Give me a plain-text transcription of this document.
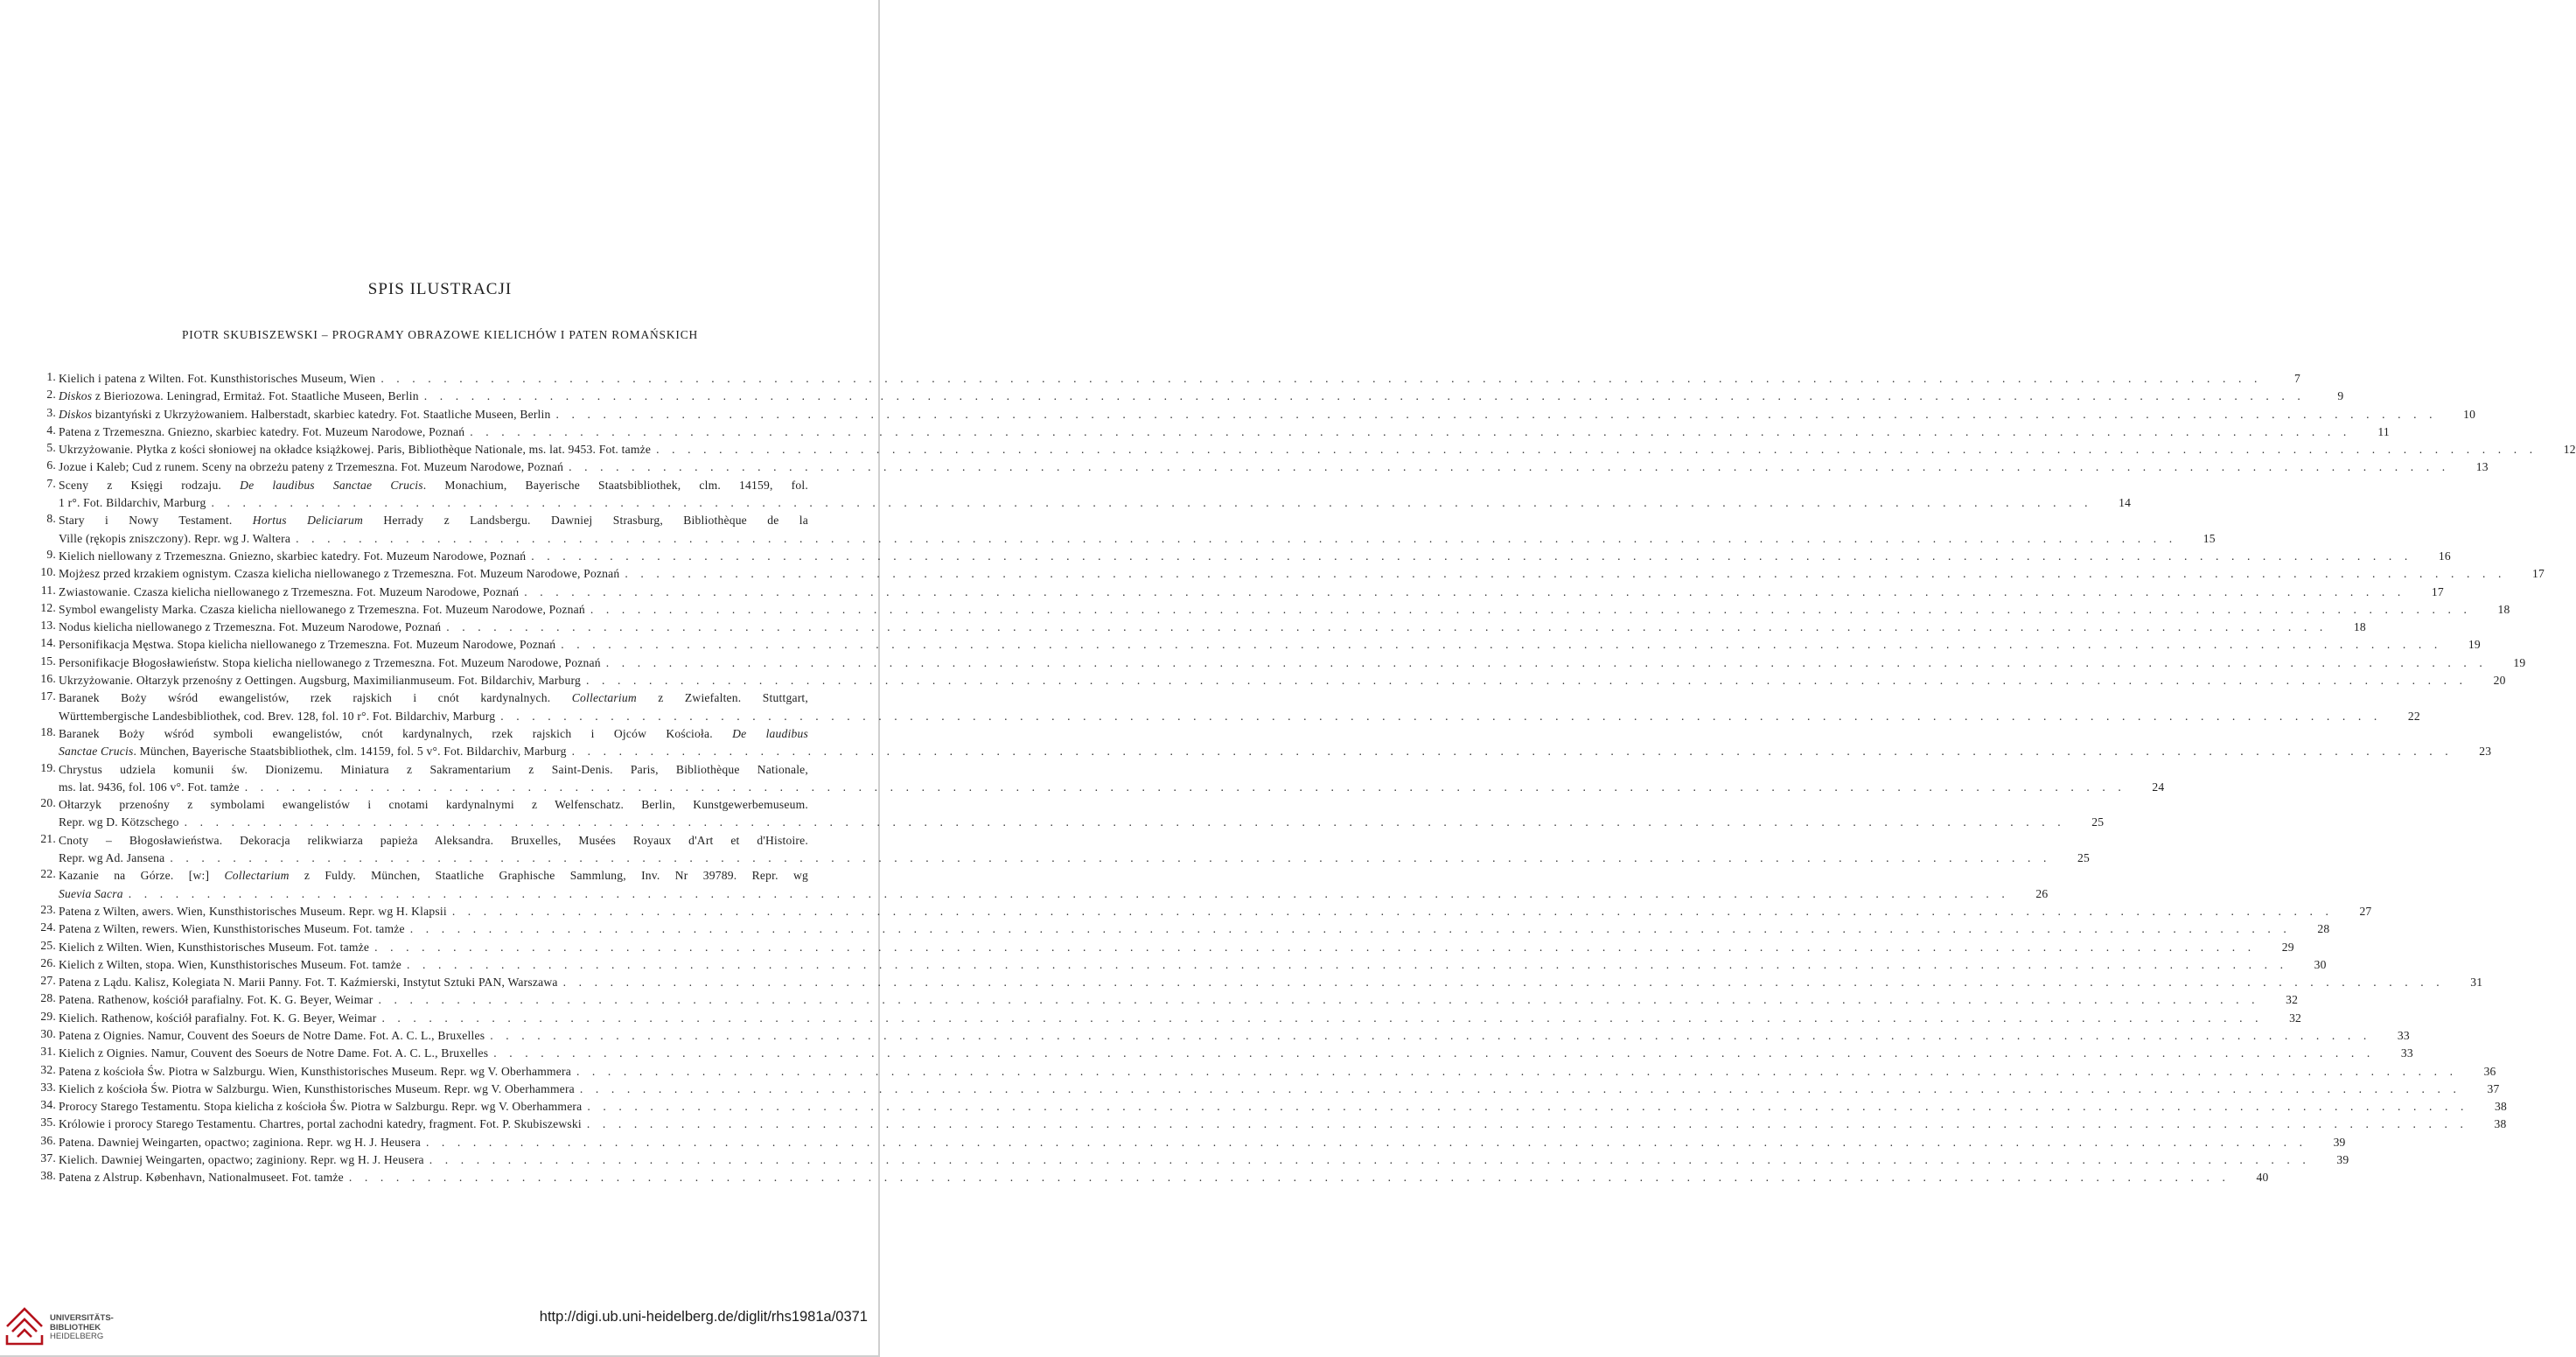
SPIS ILUSTRACJI
PIOTR SKUBISZEWSKI – PROGRAMY OBRAZOWE KIELICHÓW I PATEN ROMAŃSKICH
1. Kielich i patena z Wilten. Fot. Kunsthistorisches Museum, Wien . . . . . . . . . . . . . . . . . . . . . . . . . . . . . . . . . . . . . . . . . . . . . . . . . . . . . . . . . . . . . . . . . . . . . . . . . . . . . . . . . . . . . . . . . . . . . . . . . . . . . . . . . . . . . . . . . . . . . . . .	7
2. Diskos z Bieriozowa. Leningrad, Ermitaż. Fot. Staatliche Museen, Berlin . . . . . . . . . . . . . . . . . . . . . . . . . . . . . . . . . . . . . . . . . . . . . . . . . . . . . . . . . . . . . . . . . . . . . . . . . . . . . . . . . . . . . . . . . . . . . . . . . . . . . . . . . . . . . . . . . . . . . . . .	9
3. Diskos bizantyński z Ukrzyżowaniem. Halberstadt, skarbiec katedry. Fot. Staatliche Museen, Berlin . . . . . . . . . . . . . . . . . . . . . . . . . . . . . . . . . . . . . . . . . . . . . . . . . . . . . . . . . . . . . . . . . . . . . . . . . . . . . . . . . . . . . . . . . . . . . . . . . . . . . . . . . . . . . . . . . . . . . . . .	10
4. Patena z Trzemeszna. Gniezno, skarbiec katedry. Fot. Muzeum Narodowe, Poznań . . . . . . . . . . . . . . . . . . . . . . . . . . . . . . . . . . . . . . . . . . . . . . . . . . . . . . . . . . . . . . . . . . . . . . . . . . . . . . . . . . . . . . . . . . . . . . . . . . . . . . . . . . . . . . . . . . . . . . . .	11
5. Ukrzyżowanie. Płytka z kości słoniowej na okładce książkowej. Paris, Bibliothèque Nationale, ms. lat. 9453. Fot. tamże . . . . . . . . . . . . . . . . . . . . . . . . . . . . . . . . . . . . . . . . . . . . . . . . . . . . . . . . . . . . . . . . . . . . . . . . . . . . . . . . . . . . . . . . . . . . . . . . . . . . . . . . . . . . . . . . . . . . . . . .	12
6. Jozue i Kaleb; Cud z runem. Sceny na obrzeżu pateny z Trzemeszna. Fot. Muzeum Narodowe, Poznań . . . . . . . . . . . . . . . . . . . . . . . . . . . . . . . . . . . . . . . . . . . . . . . . . . . . . . . . . . . . . . . . . . . . . . . . . . . . . . . . . . . . . . . . . . . . . . . . . . . . . . . . . . . . . . . . . . . . . . . .	13
7. Sceny z Księgi rodzaju. De laudibus Sanctae Crucis. Monachium, Bayerische Staatsbibliothek, clm. 14159, fol.
1 r°. Fot. Bildarchiv, Marburg . . . . . . . . . . . . . . . . . . . . . . . . . . . . . . . . . . . . . . . . . . . . . . . . . . . . . . . . . . . . . . . . . . . . . . . . . . . . . . . . . . . . . . . . . . . . . . . . . . . . . . . . . . . . . . . . . . . . . . . .	14
8. Stary i Nowy Testament. Hortus Deliciarum Herrady z Landsbergu. Dawniej Strasburg, Bibliothèque de la
Ville (rękopis zniszczony). Repr. wg J. Waltera . . . . . . . . . . . . . . . . . . . . . . . . . . . . . . . . . . . . . . . . . . . . . . . . . . . . . . . . . . . . . . . . . . . . . . . . . . . . . . . . . . . . . . . . . . . . . . . . . . . . . . . . . . . . . . . . . . . . . . . .	15
9. Kielich niellowany z Trzemeszna. Gniezno, skarbiec katedry. Fot. Muzeum Narodowe, Poznań . . . . . . . . . . . . . . . . . . . . . . . . . . . . . . . . . . . . . . . . . . . . . . . . . . . . . . . . . . . . . . . . . . . . . . . . . . . . . . . . . . . . . . . . . . . . . . . . . . . . . . . . . . . . . . . . . . . . . . . .	16
10. Mojżesz przed krzakiem ognistym. Czasza kielicha niellowanego z Trzemeszna. Fot. Muzeum Narodowe, Poznań . . . . . . . . . . . . . . . . . . . . . . . . . . . . . . . . . . . . . . . . . . . . . . . . . . . . . . . . . . . . . . . . . . . . . . . . . . . . . . . . . . . . . . . . . . . . . . . . . . . . . . . . . . . . . . . . . . . . . . . .	17
11. Zwiastowanie. Czasza kielicha niellowanego z Trzemeszna. Fot. Muzeum Narodowe, Poznań . . . . . . . . . . . . . . . . . . . . . . . . . . . . . . . . . . . . . . . . . . . . . . . . . . . . . . . . . . . . . . . . . . . . . . . . . . . . . . . . . . . . . . . . . . . . . . . . . . . . . . . . . . . . . . . . . . . . . . . .	17
12. Symbol ewangelisty Marka. Czasza kielicha niellowanego z Trzemeszna. Fot. Muzeum Narodowe, Poznań . . . . . . . . . . . . . . . . . . . . . . . . . . . . . . . . . . . . . . . . . . . . . . . . . . . . . . . . . . . . . . . . . . . . . . . . . . . . . . . . . . . . . . . . . . . . . . . . . . . . . . . . . . . . . . . . . . . . . . . .	18
13. Nodus kielicha niellowanego z Trzemeszna. Fot. Muzeum Narodowe, Poznań . . . . . . . . . . . . . . . . . . . . . . . . . . . . . . . . . . . . . . . . . . . . . . . . . . . . . . . . . . . . . . . . . . . . . . . . . . . . . . . . . . . . . . . . . . . . . . . . . . . . . . . . . . . . . . . . . . . . . . . .	18
14. Personifikacja Męstwa. Stopa kielicha niellowanego z Trzemeszna. Fot. Muzeum Narodowe, Poznań . . . . . . . . . . . . . . . . . . . . . . . . . . . . . . . . . . . . . . . . . . . . . . . . . . . . . . . . . . . . . . . . . . . . . . . . . . . . . . . . . . . . . . . . . . . . . . . . . . . . . . . . . . . . . . . . . . . . . . . .	19
15. Personifikacje Błogosławieństw. Stopa kielicha niellowanego z Trzemeszna. Fot. Muzeum Narodowe, Poznań . . . . . . . . . . . . . . . . . . . . . . . . . . . . . . . . . . . . . . . . . . . . . . . . . . . . . . . . . . . . . . . . . . . . . . . . . . . . . . . . . . . . . . . . . . . . . . . . . . . . . . . . . . . . . . . . . . . . . . . .	19
16. Ukrzyżowanie. Ołtarzyk przenośny z Oettingen. Augsburg, Maximilianmuseum. Fot. Bildarchiv, Marburg . . . . . . . . . . . . . . . . . . . . . . . . . . . . . . . . . . . . . . . . . . . . . . . . . . . . . . . . . . . . . . . . . . . . . . . . . . . . . . . . . . . . . . . . . . . . . . . . . . . . . . . . . . . . . . . . . . . . . . . .	20
17. Baranek Boży wśród ewangelistów, rzek rajskich i cnót kardynalnych. Collectarium z Zwiefalten. Stuttgart,
Württembergische Landesbibliothek, cod. Brev. 128, fol. 10 r°. Fot. Bildarchiv, Marburg . . . . . . . . . . . . . . . . . . . . . . . . . . . . . . . . . . . . . . . . . . . . . . . . . . . . . . . . . . . . . . . . . . . . . . . . . . . . . . . . . . . . . . . . . . . . . . . . . . . . . . . . . . . . . . . . . . . . . . . .	22
18. Baranek Boży wśród symboli ewangelistów, cnót kardynalnych, rzek rajskich i Ojców Kościoła. De laudibus
Sanctae Crucis. München, Bayerische Staatsbibliothek, clm. 14159, fol. 5 v°. Fot. Bildarchiv, Marburg . . . . . . . . . . . . . . . . . . . . . . . . . . . . . . . . . . . . . . . . . . . . . . . . . . . . . . . . . . . . . . . . . . . . . . . . . . . . . . . . . . . . . . . . . . . . . . . . . . . . . . . . . . . . . . . . . . . . . . . .	23
19. Chrystus udziela komunii św. Dionizemu. Miniatura z Sakramentarium z Saint-Denis. Paris, Bibliothèque Nationale,
ms. lat. 9436, fol. 106 v°. Fot. tamże . . . . . . . . . . . . . . . . . . . . . . . . . . . . . . . . . . . . . . . . . . . . . . . . . . . . . . . . . . . . . . . . . . . . . . . . . . . . . . . . . . . . . . . . . . . . . . . . . . . . . . . . . . . . . . . . . . . . . . . .	24
20. Ołtarzyk przenośny z symbolami ewangelistów i cnotami kardynalnymi z Welfenschatz. Berlin, Kunstgewerbemuseum.
Repr. wg D. Kötzschego . . . . . . . . . . . . . . . . . . . . . . . . . . . . . . . . . . . . . . . . . . . . . . . . . . . . . . . . . . . . . . . . . . . . . . . . . . . . . . . . . . . . . . . . . . . . . . . . . . . . . . . . . . . . . . . . . . . . . . . .	25
21. Cnoty – Błogosławieństwa. Dekoracja relikwiarza papieża Aleksandra. Bruxelles, Musées Royaux d'Art et d'Histoire.
Repr. wg Ad. Jansena . . . . . . . . . . . . . . . . . . . . . . . . . . . . . . . . . . . . . . . . . . . . . . . . . . . . . . . . . . . . . . . . . . . . . . . . . . . . . . . . . . . . . . . . . . . . . . . . . . . . . . . . . . . . . . . . . . . . . . . .	25
22. Kazanie na Górze. [w:] Collectarium z Fuldy. München, Staatliche Graphische Sammlung, Inv. Nr 39789. Repr. wg
Suevia Sacra . . . . . . . . . . . . . . . . . . . . . . . . . . . . . . . . . . . . . . . . . . . . . . . . . . . . . . . . . . . . . . . . . . . . . . . . . . . . . . . . . . . . . . . . . . . . . . . . . . . . . . . . . . . . . . . . . . . . . . . .	26
23. Patena z Wilten, awers. Wien, Kunsthistorisches Museum. Repr. wg H. Klapsii . . . . . . . . . . . . . . . . . . . . . . . . . . . . . . . . . . . . . . . . . . . . . . . . . . . . . . . . . . . . . . . . . . . . . . . . . . . . . . . . . . . . . . . . . . . . . . . . . . . . . . . . . . . . . . . . . . . . . . . .	27
24. Patena z Wilten, rewers. Wien, Kunsthistorisches Museum. Fot. tamże . . . . . . . . . . . . . . . . . . . . . . . . . . . . . . . . . . . . . . . . . . . . . . . . . . . . . . . . . . . . . . . . . . . . . . . . . . . . . . . . . . . . . . . . . . . . . . . . . . . . . . . . . . . . . . . . . . . . . . . .	28
25. Kielich z Wilten. Wien, Kunsthistorisches Museum. Fot. tamże . . . . . . . . . . . . . . . . . . . . . . . . . . . . . . . . . . . . . . . . . . . . . . . . . . . . . . . . . . . . . . . . . . . . . . . . . . . . . . . . . . . . . . . . . . . . . . . . . . . . . . . . . . . . . . . . . . . . . . . .	29
26. Kielich z Wilten, stopa. Wien, Kunsthistorisches Museum. Fot. tamże . . . . . . . . . . . . . . . . . . . . . . . . . . . . . . . . . . . . . . . . . . . . . . . . . . . . . . . . . . . . . . . . . . . . . . . . . . . . . . . . . . . . . . . . . . . . . . . . . . . . . . . . . . . . . . . . . . . . . . . .	30
27. Patena z Lądu. Kalisz, Kolegiata N. Marii Panny. Fot. T. Kaźmierski, Instytut Sztuki PAN, Warszawa . . . . . . . . . . . . . . . . . . . . . . . . . . . . . . . . . . . . . . . . . . . . . . . . . . . . . . . . . . . . . . . . . . . . . . . . . . . . . . . . . . . . . . . . . . . . . . . . . . . . . . . . . . . . . . . . . . . . . . . .	31
28. Patena. Rathenow, kościół parafialny. Fot. K. G. Beyer, Weimar . . . . . . . . . . . . . . . . . . . . . . . . . . . . . . . . . . . . . . . . . . . . . . . . . . . . . . . . . . . . . . . . . . . . . . . . . . . . . . . . . . . . . . . . . . . . . . . . . . . . . . . . . . . . . . . . . . . . . . . .	32
29. Kielich. Rathenow, kościół parafialny. Fot. K. G. Beyer, Weimar . . . . . . . . . . . . . . . . . . . . . . . . . . . . . . . . . . . . . . . . . . . . . . . . . . . . . . . . . . . . . . . . . . . . . . . . . . . . . . . . . . . . . . . . . . . . . . . . . . . . . . . . . . . . . . . . . . . . . . . .	32
30. Patena z Oignies. Namur, Couvent des Soeurs de Notre Dame. Fot. A. C. L., Bruxelles . . . . . . . . . . . . . . . . . . . . . . . . . . . . . . . . . . . . . . . . . . . . . . . . . . . . . . . . . . . . . . . . . . . . . . . . . . . . . . . . . . . . . . . . . . . . . . . . . . . . . . . . . . . . . . . . . . . . . . . .	33
31. Kielich z Oignies. Namur, Couvent des Soeurs de Notre Dame. Fot. A. C. L., Bruxelles . . . . . . . . . . . . . . . . . . . . . . . . . . . . . . . . . . . . . . . . . . . . . . . . . . . . . . . . . . . . . . . . . . . . . . . . . . . . . . . . . . . . . . . . . . . . . . . . . . . . . . . . . . . . . . . . . . . . . . . .	33
32. Patena z kościoła Św. Piotra w Salzburgu. Wien, Kunsthistorisches Museum. Repr. wg V. Oberhammera . . . . . . . . . . . . . . . . . . . . . . . . . . . . . . . . . . . . . . . . . . . . . . . . . . . . . . . . . . . . . . . . . . . . . . . . . . . . . . . . . . . . . . . . . . . . . . . . . . . . . . . . . . . . . . . . . . . . . . . .	36
33. Kielich z kościoła Św. Piotra w Salzburgu. Wien, Kunsthistorisches Museum. Repr. wg V. Oberhammera . . . . . . . . . . . . . . . . . . . . . . . . . . . . . . . . . . . . . . . . . . . . . . . . . . . . . . . . . . . . . . . . . . . . . . . . . . . . . . . . . . . . . . . . . . . . . . . . . . . . . . . . . . . . . . . . . . . . . . . .	37
34. Prorocy Starego Testamentu. Stopa kielicha z kościoła Św. Piotra w Salzburgu. Repr. wg V. Oberhammera . . . . . . . . . . . . . . . . . . . . . . . . . . . . . . . . . . . . . . . . . . . . . . . . . . . . . . . . . . . . . . . . . . . . . . . . . . . . . . . . . . . . . . . . . . . . . . . . . . . . . . . . . . . . . . . . . . . . . . . .	38
35. Królowie i prorocy Starego Testamentu. Chartres, portal zachodni katedry, fragment. Fot. P. Skubiszewski . . . . . . . . . . . . . . . . . . . . . . . . . . . . . . . . . . . . . . . . . . . . . . . . . . . . . . . . . . . . . . . . . . . . . . . . . . . . . . . . . . . . . . . . . . . . . . . . . . . . . . . . . . . . . . . . . . . . . . . .	38
36. Patena. Dawniej Weingarten, opactwo; zaginiona. Repr. wg H. J. Heusera . . . . . . . . . . . . . . . . . . . . . . . . . . . . . . . . . . . . . . . . . . . . . . . . . . . . . . . . . . . . . . . . . . . . . . . . . . . . . . . . . . . . . . . . . . . . . . . . . . . . . . . . . . . . . . . . . . . . . . . .	39
37. Kielich. Dawniej Weingarten, opactwo; zaginiony. Repr. wg H. J. Heusera . . . . . . . . . . . . . . . . . . . . . . . . . . . . . . . . . . . . . . . . . . . . . . . . . . . . . . . . . . . . . . . . . . . . . . . . . . . . . . . . . . . . . . . . . . . . . . . . . . . . . . . . . . . . . . . . . . . . . . . .	39
38. Patena z Alstrup. København, Nationalmuseet. Fot. tamże . . . . . . . . . . . . . . . . . . . . . . . . . . . . . . . . . . . . . . . . . . . . . . . . . . . . . . . . . . . . . . . . . . . . . . . . . . . . . . . . . . . . . . . . . . . . . . . . . . . . . . . . . . . . . . . . . . . . . . . .	40
UNIVERSITÄTS-
BIBLIOTHEK
HEIDELBERG
http://digi.ub.uni-heidelberg.de/diglit/rhs1981a/0371
